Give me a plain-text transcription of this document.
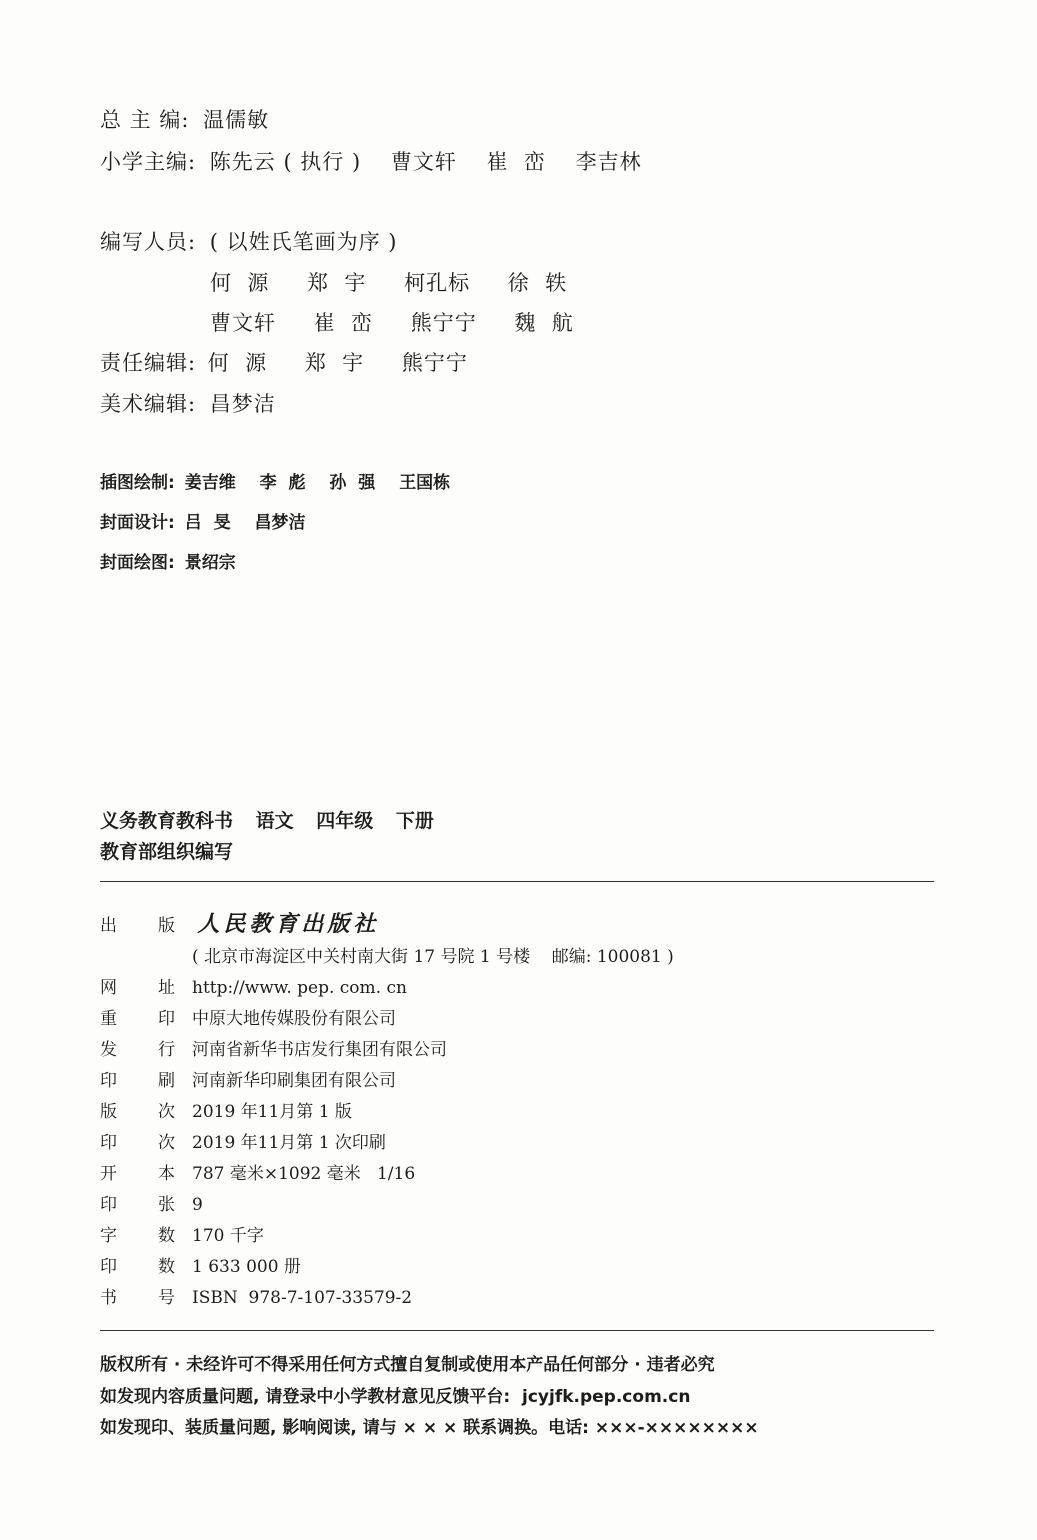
总 主 编: 温儒敏
小学主编: 陈先云 ( 执行 ) 曹文轩 崔  峦 李吉林
编写人员: ( 以姓氏笔画为序 )
何  源 郑  宇 柯孔标 徐  轶
曹文轩 崔  峦 熊宁宁 魏  航
责任编辑: 何  源 郑  宇 熊宁宁
美术编辑: 昌梦洁
插图绘制: 姜吉维 李  彪 孙  强 王国栋
封面设计: 吕  旻 昌梦洁
封面绘图: 景绍宗
义务教育教科书 语文 四年级 下册
教育部组织编写
出 版 人民教育出版社
( 北京市海淀区中关村南大街 17 号院 1 号楼    邮编: 100081 )
网 址 http://www. pep. com. cn
重 印 中原大地传媒股份有限公司
发 行 河南省新华书店发行集团有限公司
印 刷 河南新华印刷集团有限公司
版 次 2019 年11月第 1 版
印 次 2019 年11月第 1 次印刷
开 本 787 毫米×1092 毫米   1/16
印 张 9
字 数 170 千字
印 数 1 633 000 册
书 号 ISBN  978-7-107-33579-2
版权所有 · 未经许可不得采用任何方式擅自复制或使用本产品任何部分 · 违者必究
如发现内容质量问题, 请登录中小学教材意见反馈平台:  jcyjfk.pep.com.cn
如发现印、装质量问题, 影响阅读, 请与 × × × 联系调换。电话: ×××-××××××××
